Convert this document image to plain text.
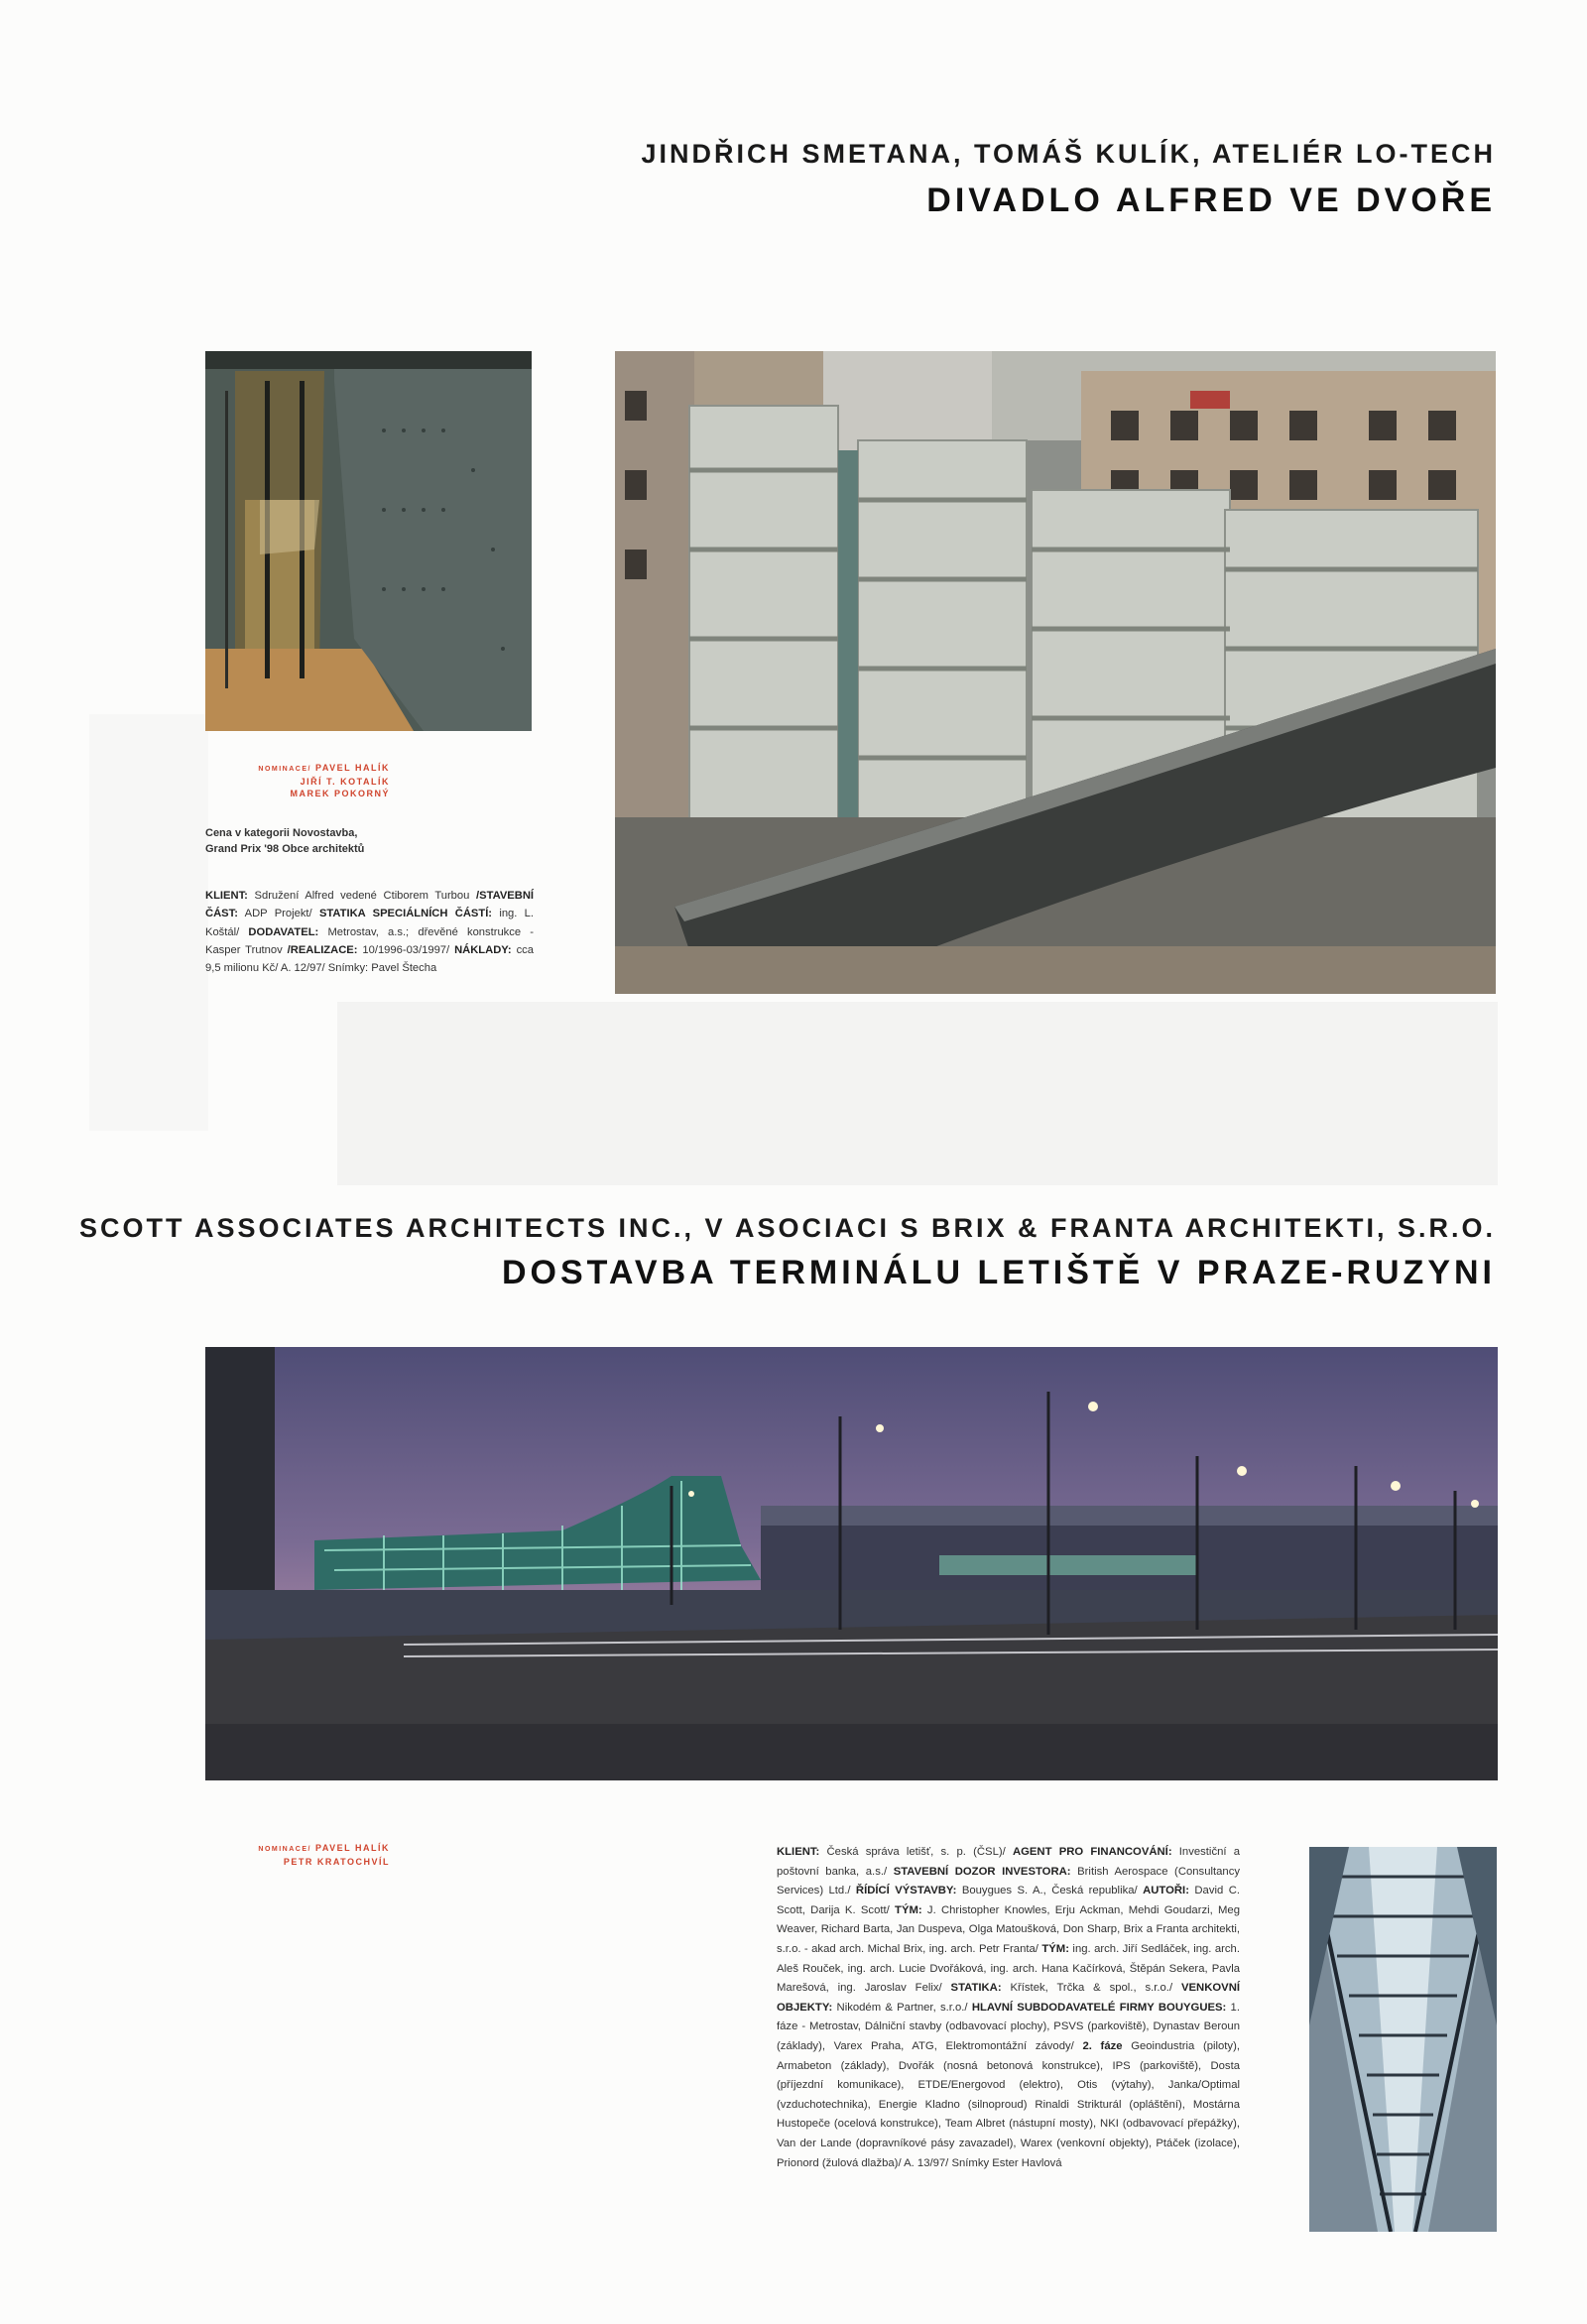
JINDŘICH SMETANA, TOMÁŠ KULÍK, ATELIÉR LO-TECH
DIVADLO ALFRED VE DVOŘE
NOMINACE/ PAVEL HALÍK
JIŘÍ T. KOTALÍK
MAREK POKORNÝ
Cena v kategorii Novostavba,
Grand Prix '98 Obce architektů
KLIENT: Sdružení Alfred vedené Ctiborem Turbou /STAVEBNÍ ČÁST: ADP Projekt/ STATIKA SPECIÁLNÍCH ČÁSTÍ: ing. L. Koštál/ DODAVATEL: Metrostav, a.s.; dřevěné konstrukce - Kasper Trutnov /REALIZACE: 10/1996-03/1997/ NÁKLADY: cca 9,5 milionu Kč/ A. 12/97/ Snímky: Pavel Štecha
SCOTT ASSOCIATES ARCHITECTS INC., V ASOCIACI S BRIX & FRANTA ARCHITEKTI, S.R.O.
DOSTAVBA TERMINÁLU LETIŠTĚ V PRAZE-RUZYNI
NOMINACE/ PAVEL HALÍK
PETR KRATOCHVÍL
KLIENT: Česká správa letišť, s. p. (ČSL)/ AGENT PRO FINANCOVÁNÍ: Investiční a poštovní banka, a.s./ STAVEBNÍ DOZOR INVESTORA: British Aerospace (Consultancy Services) Ltd./ ŘÍDÍCÍ VÝSTAVBY: Bouygues S. A., Česká republika/ AUTOŘI: David C. Scott, Darija K. Scott/ TÝM: J. Christopher Knowles, Erju Ackman, Mehdi Goudarzi, Meg Weaver, Richard Barta, Jan Duspeva, Olga Matoušková, Don Sharp, Brix a Franta architekti, s.r.o. - akad arch. Michal Brix, ing. arch. Petr Franta/ TÝM: ing. arch. Jiří Sedláček, ing. arch. Aleš Rouček, ing. arch. Lucie Dvořáková, ing. arch. Hana Kačírková, Štěpán Sekera, Pavla Marešová, ing. Jaroslav Felix/ STATIKA: Křístek, Trčka & spol., s.r.o./ VENKOVNÍ OBJEKTY: Nikodém & Partner, s.r.o./ HLAVNÍ SUBDODAVATELÉ FIRMY BOUYGUES: 1. fáze - Metrostav, Dálniční stavby (odbavovací plochy), PSVS (parkoviště), Dynastav Beroun (základy), Varex Praha, ATG, Elektromontážní závody/ 2. fáze Geoindustria (piloty), Armabeton (základy), Dvořák (nosná betonová konstrukce), IPS (parkoviště), Dosta (příjezdní komunikace), ETDE/Energovod (elektro), Otis (výtahy), Janka/Optimal (vzduchotechnika), Energie Kladno (silnoproud) Rinaldi Strikturál (opláštění), Mostárna Hustopeče (ocelová konstrukce), Team Albret (nástupní mosty), NKI (odbavovací přepážky), Van der Lande (dopravníkové pásy zavazadel), Warex (venkovní objekty), Ptáček (izolace), Prionord (žulová dlažba)/ A. 13/97/ Snímky Ester Havlová
